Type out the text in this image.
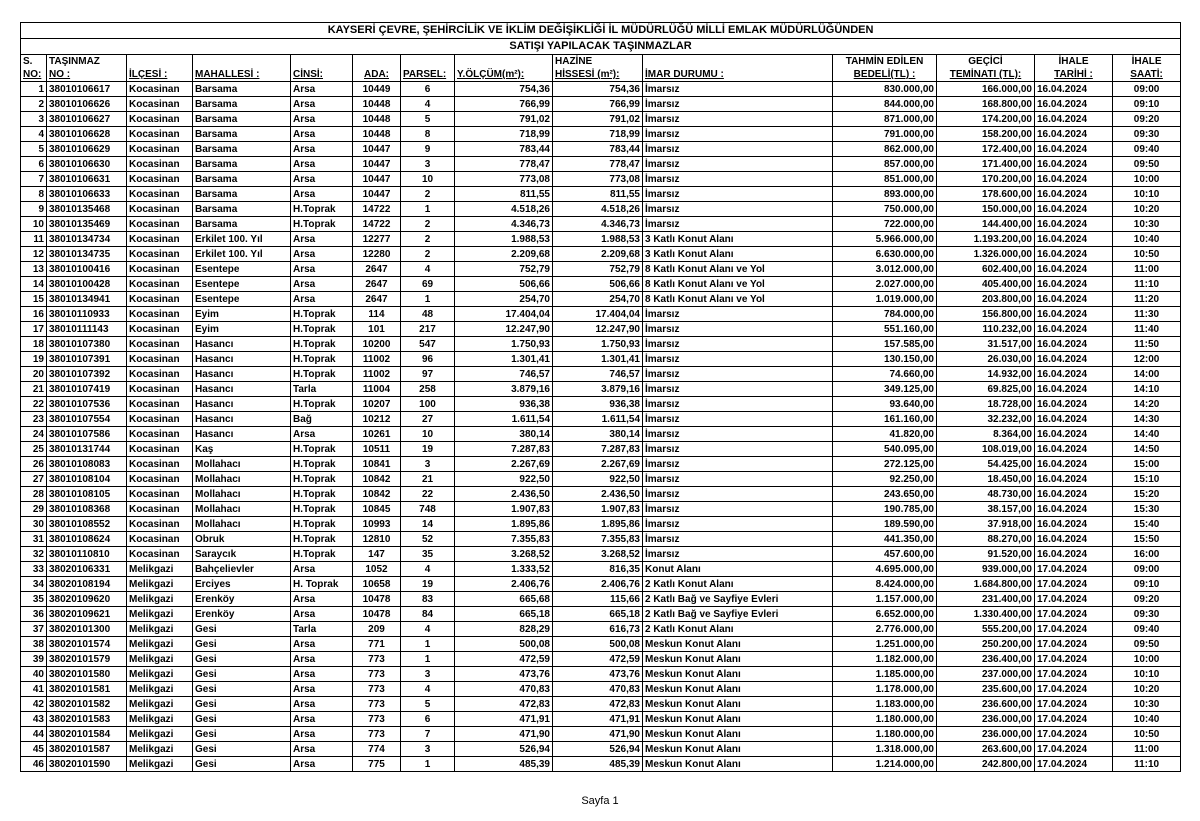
KAYSERİ ÇEVRE, ŞEHİRCİLİK VE İKLİM DEĞİŞİKLİĞİ İL MÜDÜRLÜĞÜ MİLLİ EMLAK MÜDÜRLÜĞÜNDEN													
SATIŞI YAPILACAK TAŞINMAZLAR													
S.	TAŞINMAZ							HAZİNE		TAHMİN EDİLEN	GEÇİCİ	İHALE	İHALE
NO:	NO :	İLÇESİ :	MAHALLESİ :	CİNSİ:	ADA:	PARSEL:	Y.ÖLÇÜM(m²):	HİSSESİ (m²):	İMAR DURUMU :	BEDELİ(TL) :	TEMİNATI (TL):	TARİHİ :	SAATİ:
1	38010106617	Kocasinan	Barsama	Arsa	10449	6	754,36	754,36	İmarsız	830.000,00	166.000,00	16.04.2024	09:00
2	38010106626	Kocasinan	Barsama	Arsa	10448	4	766,99	766,99	İmarsız	844.000,00	168.800,00	16.04.2024	09:10
3	38010106627	Kocasinan	Barsama	Arsa	10448	5	791,02	791,02	İmarsız	871.000,00	174.200,00	16.04.2024	09:20
4	38010106628	Kocasinan	Barsama	Arsa	10448	8	718,99	718,99	İmarsız	791.000,00	158.200,00	16.04.2024	09:30
5	38010106629	Kocasinan	Barsama	Arsa	10447	9	783,44	783,44	İmarsız	862.000,00	172.400,00	16.04.2024	09:40
6	38010106630	Kocasinan	Barsama	Arsa	10447	3	778,47	778,47	İmarsız	857.000,00	171.400,00	16.04.2024	09:50
7	38010106631	Kocasinan	Barsama	Arsa	10447	10	773,08	773,08	İmarsız	851.000,00	170.200,00	16.04.2024	10:00
8	38010106633	Kocasinan	Barsama	Arsa	10447	2	811,55	811,55	İmarsız	893.000,00	178.600,00	16.04.2024	10:10
9	38010135468	Kocasinan	Barsama	H.Toprak	14722	1	4.518,26	4.518,26	İmarsız	750.000,00	150.000,00	16.04.2024	10:20
10	38010135469	Kocasinan	Barsama	H.Toprak	14722	2	4.346,73	4.346,73	İmarsız	722.000,00	144.400,00	16.04.2024	10:30
11	38010134734	Kocasinan	Erkilet 100. Yıl	Arsa	12277	2	1.988,53	1.988,53	3 Katlı Konut Alanı	5.966.000,00	1.193.200,00	16.04.2024	10:40
12	38010134735	Kocasinan	Erkilet 100. Yıl	Arsa	12280	2	2.209,68	2.209,68	3 Katlı Konut Alanı	6.630.000,00	1.326.000,00	16.04.2024	10:50
13	38010100416	Kocasinan	Esentepe	Arsa	2647	4	752,79	752,79	8 Katlı Konut Alanı ve Yol	3.012.000,00	602.400,00	16.04.2024	11:00
14	38010100428	Kocasinan	Esentepe	Arsa	2647	69	506,66	506,66	8 Katlı Konut Alanı ve Yol	2.027.000,00	405.400,00	16.04.2024	11:10
15	38010134941	Kocasinan	Esentepe	Arsa	2647	1	254,70	254,70	8 Katlı Konut Alanı ve Yol	1.019.000,00	203.800,00	16.04.2024	11:20
16	38010110933	Kocasinan	Eyim	H.Toprak	114	48	17.404,04	17.404,04	İmarsız	784.000,00	156.800,00	16.04.2024	11:30
17	38010111143	Kocasinan	Eyim	H.Toprak	101	217	12.247,90	12.247,90	İmarsız	551.160,00	110.232,00	16.04.2024	11:40
18	38010107380	Kocasinan	Hasancı	H.Toprak	10200	547	1.750,93	1.750,93	İmarsız	157.585,00	31.517,00	16.04.2024	11:50
19	38010107391	Kocasinan	Hasancı	H.Toprak	11002	96	1.301,41	1.301,41	İmarsız	130.150,00	26.030,00	16.04.2024	12:00
20	38010107392	Kocasinan	Hasancı	H.Toprak	11002	97	746,57	746,57	İmarsız	74.660,00	14.932,00	16.04.2024	14:00
21	38010107419	Kocasinan	Hasancı	Tarla	11004	258	3.879,16	3.879,16	İmarsız	349.125,00	69.825,00	16.04.2024	14:10
22	38010107536	Kocasinan	Hasancı	H.Toprak	10207	100	936,38	936,38	İmarsız	93.640,00	18.728,00	16.04.2024	14:20
23	38010107554	Kocasinan	Hasancı	Bağ	10212	27	1.611,54	1.611,54	İmarsız	161.160,00	32.232,00	16.04.2024	14:30
24	38010107586	Kocasinan	Hasancı	Arsa	10261	10	380,14	380,14	İmarsız	41.820,00	8.364,00	16.04.2024	14:40
25	38010131744	Kocasinan	Kaş	H.Toprak	10511	19	7.287,83	7.287,83	İmarsız	540.095,00	108.019,00	16.04.2024	14:50
26	38010108083	Kocasinan	Mollahacı	H.Toprak	10841	3	2.267,69	2.267,69	İmarsız	272.125,00	54.425,00	16.04.2024	15:00
27	38010108104	Kocasinan	Mollahacı	H.Toprak	10842	21	922,50	922,50	İmarsız	92.250,00	18.450,00	16.04.2024	15:10
28	38010108105	Kocasinan	Mollahacı	H.Toprak	10842	22	2.436,50	2.436,50	İmarsız	243.650,00	48.730,00	16.04.2024	15:20
29	38010108368	Kocasinan	Mollahacı	H.Toprak	10845	748	1.907,83	1.907,83	İmarsız	190.785,00	38.157,00	16.04.2024	15:30
30	38010108552	Kocasinan	Mollahacı	H.Toprak	10993	14	1.895,86	1.895,86	İmarsız	189.590,00	37.918,00	16.04.2024	15:40
31	38010108624	Kocasinan	Obruk	H.Toprak	12810	52	7.355,83	7.355,83	İmarsız	441.350,00	88.270,00	16.04.2024	15:50
32	38010110810	Kocasinan	Saraycık	H.Toprak	147	35	3.268,52	3.268,52	İmarsız	457.600,00	91.520,00	16.04.2024	16:00
33	38020106331	Melikgazi	Bahçelievler	Arsa	1052	4	1.333,52	816,35	Konut Alanı	4.695.000,00	939.000,00	17.04.2024	09:00
34	38020108194	Melikgazi	Erciyes	H. Toprak	10658	19	2.406,76	2.406,76	2 Katlı Konut Alanı	8.424.000,00	1.684.800,00	17.04.2024	09:10
35	38020109620	Melikgazi	Erenköy	Arsa	10478	83	665,68	115,66	2 Katlı Bağ ve Sayfiye Evleri	1.157.000,00	231.400,00	17.04.2024	09:20
36	38020109621	Melikgazi	Erenköy	Arsa	10478	84	665,18	665,18	2 Katlı Bağ ve Sayfiye Evleri	6.652.000,00	1.330.400,00	17.04.2024	09:30
37	38020101300	Melikgazi	Gesi	Tarla	209	4	828,29	616,73	2 Katlı Konut Alanı	2.776.000,00	555.200,00	17.04.2024	09:40
38	38020101574	Melikgazi	Gesi	Arsa	771	1	500,08	500,08	Meskun Konut Alanı	1.251.000,00	250.200,00	17.04.2024	09:50
39	38020101579	Melikgazi	Gesi	Arsa	773	1	472,59	472,59	Meskun Konut Alanı	1.182.000,00	236.400,00	17.04.2024	10:00
40	38020101580	Melikgazi	Gesi	Arsa	773	3	473,76	473,76	Meskun Konut Alanı	1.185.000,00	237.000,00	17.04.2024	10:10
41	38020101581	Melikgazi	Gesi	Arsa	773	4	470,83	470,83	Meskun Konut Alanı	1.178.000,00	235.600,00	17.04.2024	10:20
42	38020101582	Melikgazi	Gesi	Arsa	773	5	472,83	472,83	Meskun Konut Alanı	1.183.000,00	236.600,00	17.04.2024	10:30
43	38020101583	Melikgazi	Gesi	Arsa	773	6	471,91	471,91	Meskun Konut Alanı	1.180.000,00	236.000,00	17.04.2024	10:40
44	38020101584	Melikgazi	Gesi	Arsa	773	7	471,90	471,90	Meskun Konut Alanı	1.180.000,00	236.000,00	17.04.2024	10:50
45	38020101587	Melikgazi	Gesi	Arsa	774	3	526,94	526,94	Meskun Konut Alanı	1.318.000,00	263.600,00	17.04.2024	11:00
46	38020101590	Melikgazi	Gesi	Arsa	775	1	485,39	485,39	Meskun Konut Alanı	1.214.000,00	242.800,00	17.04.2024	11:10
Sayfa 1
